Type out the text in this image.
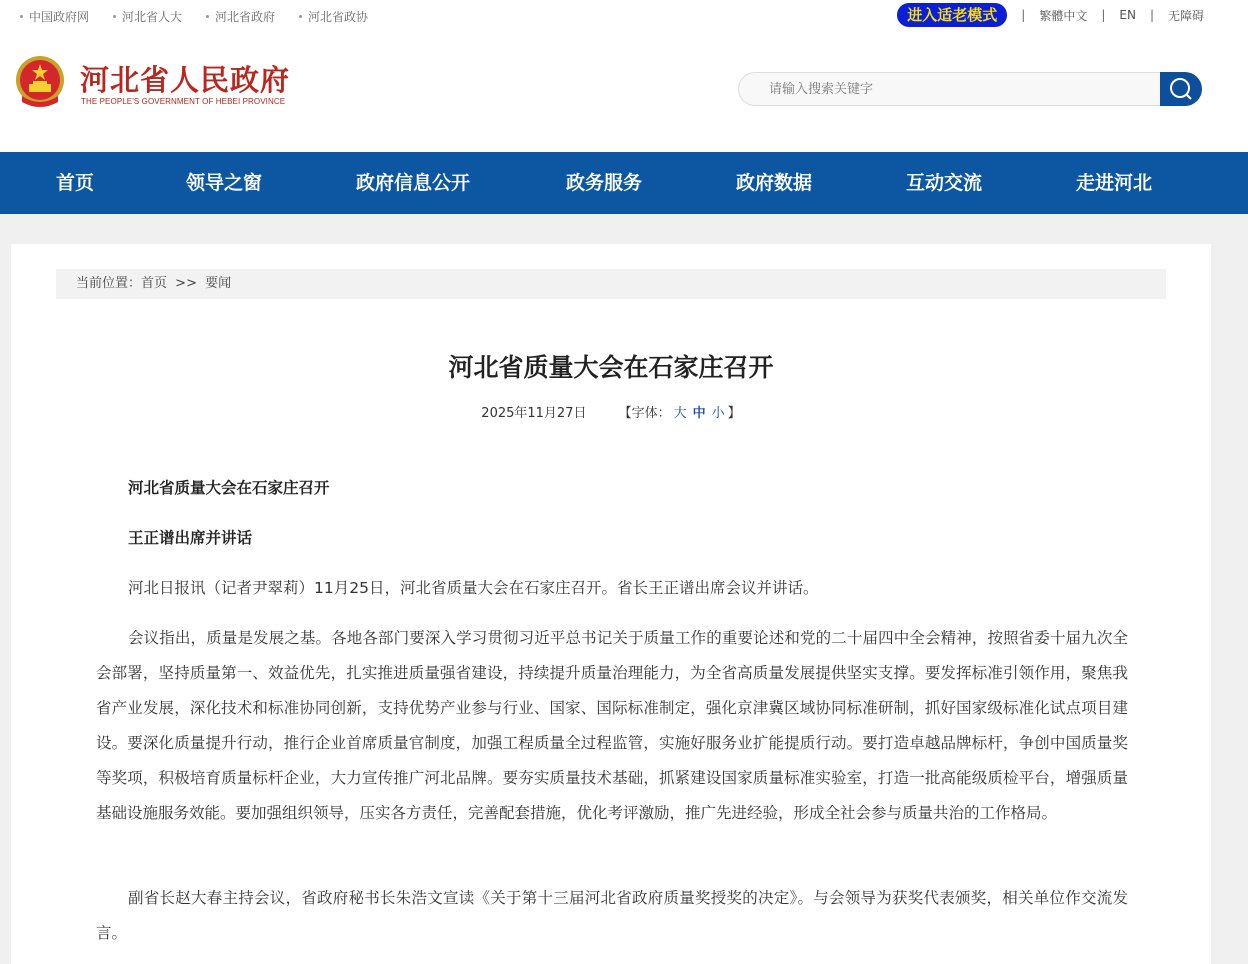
中国政府网	河北省人大	河北省政府	河北省政协	进入适老模式	| 繁體中文 | EN | 无障碍
河北省人民政府
THE PEOPLE'S GOVERNMENT OF HEBEI PROVINCE
请输入搜索关键字
首页	领导之窗	政府信息公开	政务服务	政府数据	互动交流	走进河北
当前位置：首页 >> 要闻
河北省质量大会在石家庄召开
2025年11月27日 【字体： 大 中 小 】

河北省质量大会在石家庄召开

王正谱出席并讲话

河北日报讯（记者尹翠莉）11月25日，河北省质量大会在石家庄召开。省长王正谱出席会议并讲话。

会议指出，质量是发展之基。各地各部门要深入学习贯彻习近平总书记关于质量工作的重要论述和党的二十届四中全会精神，按照省委十届九次全会部署，坚持质量第一、效益优先，扎实推进质量强省建设，持续提升质量治理能力，为全省高质量发展提供坚实支撑。要发挥标准引领作用，聚焦我省产业发展，深化技术和标准协同创新，支持优势产业参与行业、国家、国际标准制定，强化京津冀区域协同标准研制，抓好国家级标准化试点项目建设。要深化质量提升行动，推行企业首席质量官制度，加强工程质量全过程监管，实施好服务业扩能提质行动。要打造卓越品牌标杆，争创中国质量奖等奖项，积极培育质量标杆企业，大力宣传推广河北品牌。要夯实质量技术基础，抓紧建设国家质量标准实验室，打造一批高能级质检平台，增强质量基础设施服务效能。要加强组织领导，压实各方责任，完善配套措施，优化考评激励，推广先进经验，形成全社会参与质量共治的工作格局。

副省长赵大春主持会议，省政府秘书长朱浩文宣读《关于第十三届河北省政府质量奖授奖的决定》。与会领导为获奖代表颁奖，相关单位作交流发言。
